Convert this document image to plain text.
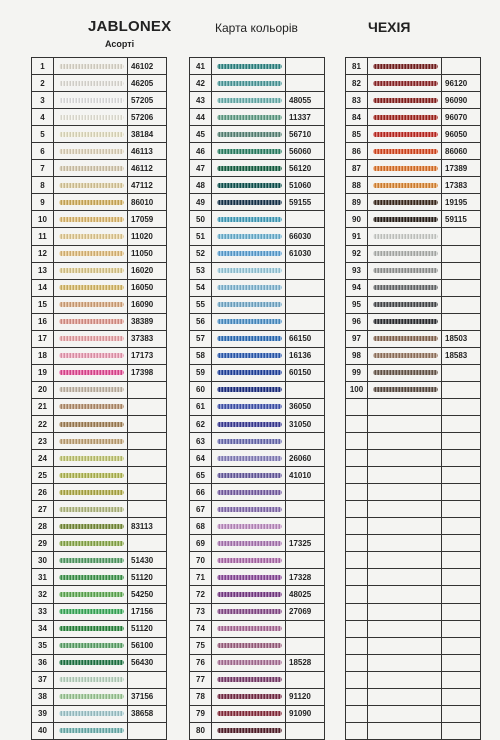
JABLONEX
Асорті
Карта кольорів	ЧЕХІЯ
1		46102
2		46205
3		57205
4		57206
5		38184
6		46113
7		46112
8		47112
9		86010
10		17059
11		11020
12		11050
13		16020
14		16050
15		16090
16		38389
17		37383
18		17173
19		17398
20	

21	

22	

23	

24	

25	

26	

27	

28		83113
29	

30		51430
31		51120
32		54250
33		17156
34		51120
35		56100
36		56430
37	

38		37156
39		38658
40	

41	

42	

43		48055
44		11337
45		56710
46		56060
47		56120
48		51060
49		59155
50	

51		66030
52		61030
53	

54	

55	

56	

57		66150
58		16136
59		60150
60	

61		36050
62		31050
63	

64		26060
65		41010
66	

67	

68	

69		17325
70	

71		17328
72		48025
73		27069
74	

75	

76		18528
77	

78		91120
79		91090
80	

81	

82		96120
83		96090
84		96070
85		96050
86		86060
87		17389
88		17383
89		19195
90		59115
91	

92	

93	

94	

95	

96	

97		18503
98		18583
99	

100	
